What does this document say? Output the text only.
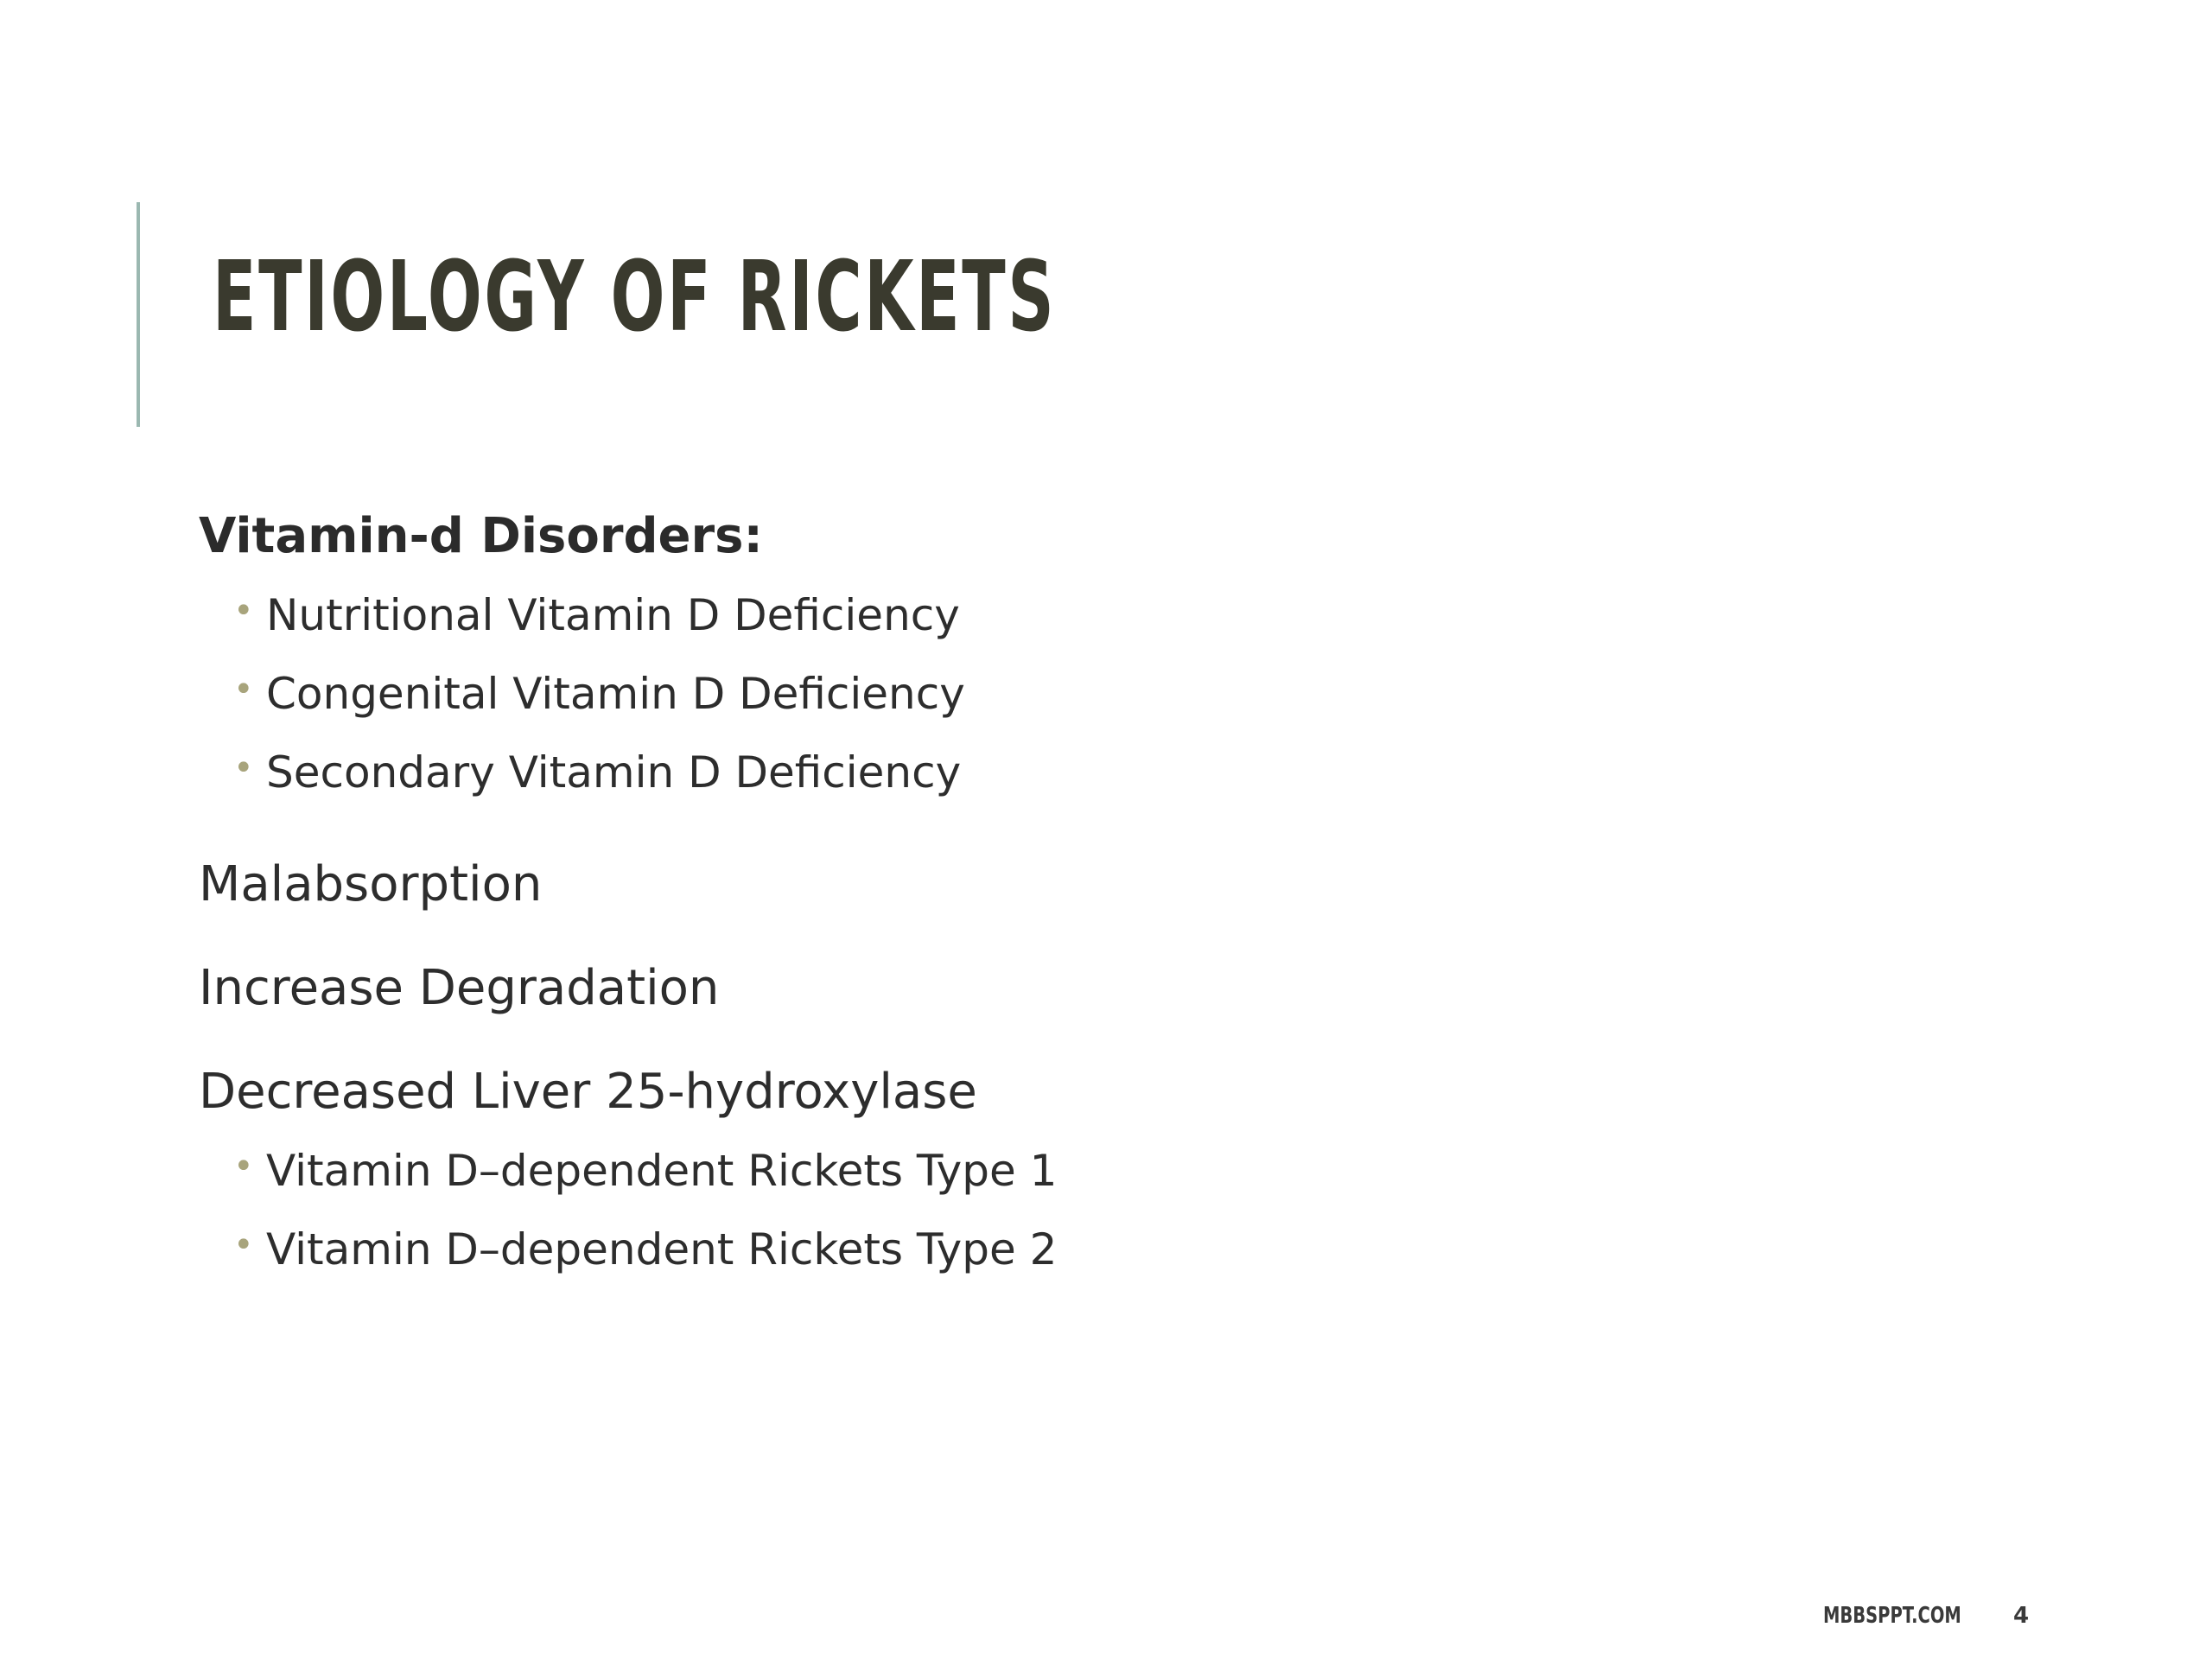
ETIOLOGY OF RICKETS
Vitamin-d Disorders:
• Nutritional Vitamin D Deficiency
• Congenital Vitamin D Deficiency
• Secondary Vitamin D Deficiency
Malabsorption
Increase Degradation
Decreased Liver 25-hydroxylase
• Vitamin D–dependent Rickets Type 1
• Vitamin D–dependent Rickets Type 2
MBBSPPT.COM 4
